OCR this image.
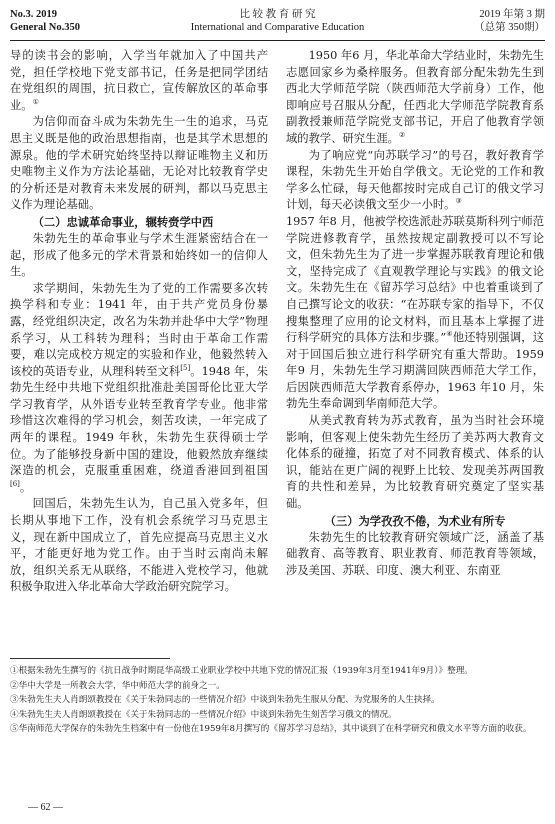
No.3. 2019
General No.350
比 较 教 育 研 究
International and Comparative Education
2019 年第 3 期
（总第 350期）

导的读书会的影响，入学当年就加入了中国共产党，担任学校地下党支部书记，任务是把同学团结在党组织的周围，抗日救亡，宣传解放区的革命事业。①

为信仰而奋斗成为朱勃先生一生的追求，马克思主义既是他的政治思想指南，也是其学术思想的源泉。他的学术研究始终坚持以辩证唯物主义和历史唯物主义作为方法论基础，无论对比较教育学史的分析还是对教育未来发展的研判，都以马克思主义作为理论基础。

（二）忠诚革命事业，辗转赍学中西

朱勃先生的革命事业与学术生涯紧密结合在一起，形成了他多元的学术背景和始终如一的信仰人生。

求学期间，朱勃先生为了党的工作需要多次转换学科和专业：1941 年，由于共产党员身份暴露，经党组织决定，改名为朱勃并赴华中大学”物理系学习，从工科转为理科；当时由于革命工作需要，难以完成校方规定的实验和作业，他毅然转入该校的英语专业，从理科转至文科[5]。1948 年，朱勃先生经中共地下党组织批准赴美国哥伦比亚大学学习教育学，从外语专业转至教育学专业。他非常珍惜这次难得的学习机会，刻苦攻读，一年完成了两年的课程。1949 年秋，朱勃先生获得硕士学位。为了能够投身新中国的建设，他毅然放弃继续深造的机会，克服重重困难，绕道香港回到祖国[6]。

回国后，朱勃先生认为，自己虽入党多年，但长期从事地下工作，没有机会系统学习马克思主义，现在新中国成立了，首先应提高马克思主义水平，才能更好地为党工作。由于当时云南尚未解放，组织关系无从联络，不能进入党校学习，他就积极争取进入华北革命大学政治研究院学习。

1950 年6 月，华北革命大学结业时，朱勃先生志愿回家乡为桑梓服务。但教育部分配朱勃先生到西北大学师范学院（陕西师范大学前身）工作，他即响应号召服从分配，任西北大学师范学院教育系副教授兼师范学院党支部书记，开启了他教育学领域的教学、研究生涯。②

为了响应党“向苏联学习”的号召，教好教育学课程，朱勃先生开始自学俄文。无论党的工作和教学多么忙碌，每天他都按时完成自己订的俄文学习计划，每天必读俄文至少一小时。③

1957 年8 月，他被学校选派赴苏联莫斯科列宁师范学院进修教育学，虽然按规定副教授可以不写论文，但朱勃先生为了进一步掌握苏联教育理论和俄文，坚持完成了《直观教学理论与实践》的俄文论文。朱勃先生在《留苏学习总结》中也着重谈到了自己撰写论文的收获：“在苏联专家的指导下，不仅搜集整理了应用的论文材料，而且基本上掌握了进行科学研究的具体方法和步骤。”④他还特别强调，这对于回国后独立进行科学研究有重大帮助。1959 年9 月，朱勃先生学习期满回陕西师范大学工作，后因陕西师范大学教育系停办，1963 年10 月，朱勃先生奉命调到华南师范大学。

从美式教育转为苏式教育，虽为当时社会环境影响，但客观上使朱勃先生经历了美苏两大教育文化体系的碰撞，拓宽了对不同教育模式、体系的认识，能站在更广阔的视野上比较、发现美苏两国教育的共性和差异，为比较教育研究奠定了坚实基础。

（三）为学孜孜不倦，为术业有所专

朱勃先生的比较教育研究领域广泛，涵盖了基础教育、高等教育、职业教育、师范教育等领域，涉及美国、苏联、印度、澳大利亚、东南亚

①根据朱勃先生撰写的《抗日战争时期昆华高级工业职业学校中共地下党的情况汇报（1939年3月至1941年9月）》整理。
②华中大学是一所教会大学，华中师范大学的前身之一。
③朱勃先生夫人肖朗颂教授在《关于朱勃同志的一些情况介绍》中谈到朱勃先生服从分配、为党服务的人生抉择。
④朱勃先生夫人肖朗颂教授在《关于朱勃同志的一些情况介绍》中谈到朱勃先生刻苦学习俄文的情况。
⑤华南师范大学保存的朱勃先生档案中有一份他在1959年8月撰写的《留苏学习总结》，其中谈到了在科学研究和俄文水平等方面的收获。
— 62 —
